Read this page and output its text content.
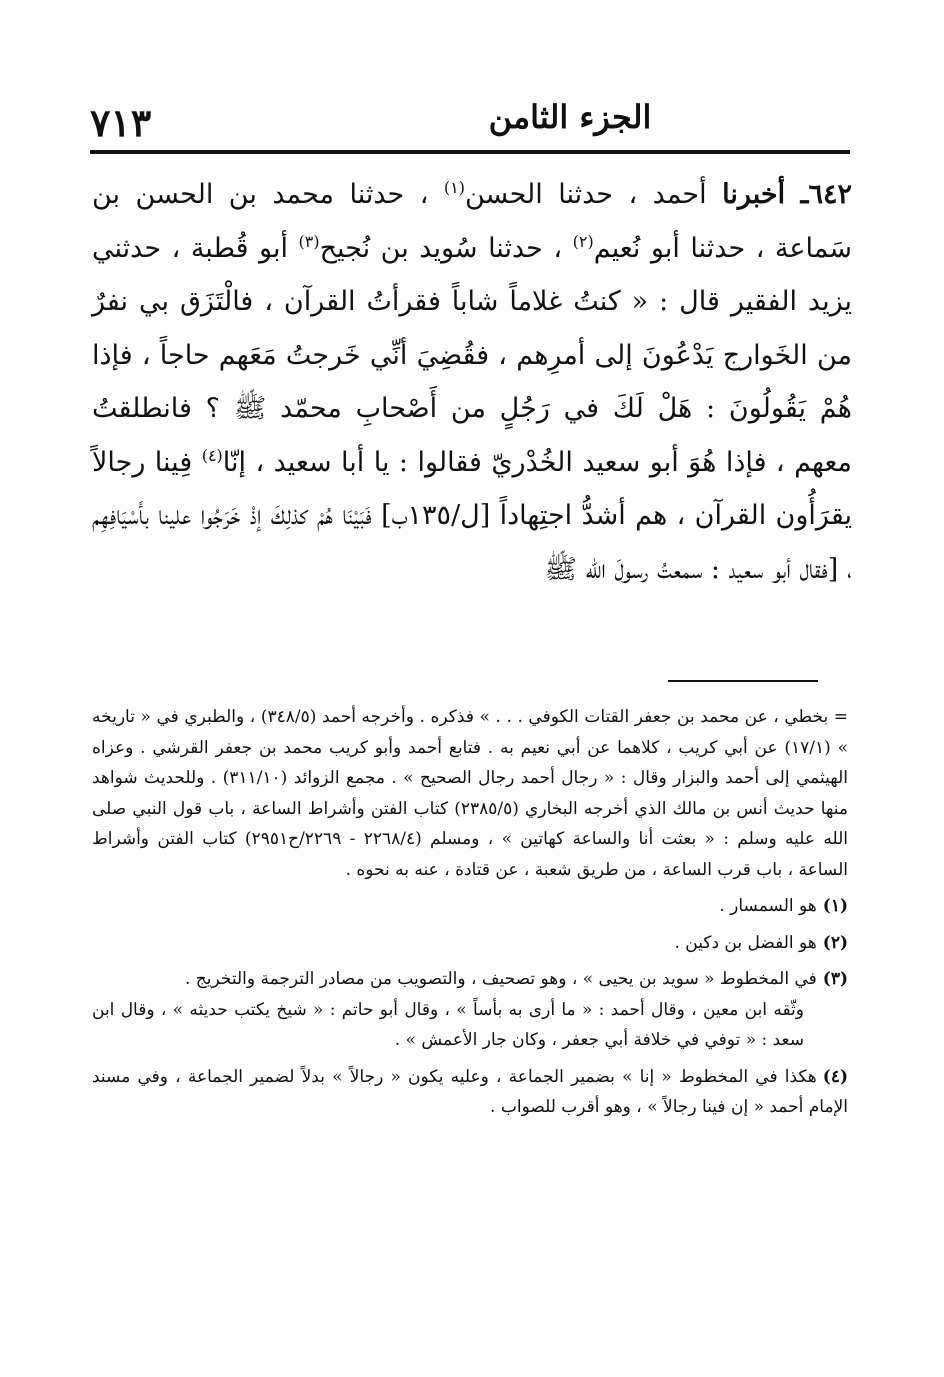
٧١٣	الجزء الثامن

٦٤٢ـ أخبرنا أحمد ، حدثنا الحسن$^{(١)}$ ، حدثنا محمد بن الحسن بن سَماعة ، حدثنا أبو نُعيم$^{(٢)}$ ، حدثنا سُويد بن نُجيح$^{(٣)}$ أبو قُطبة ، حدثني يزيد الفقير قال : « كنتُ غلاماً شاباً فقرأتُ القرآن ، فالْتَزَق بي نفرٌ من الخَوارج يَدْعُونَ إلى أمرِهم ، فقُضِيَ أنِّي خَرجتُ مَعَهم حاجاً ، فإذا هُمْ يَقُولُونَ : هَلْ لَكَ في رَجُلٍ من أَصْحابِ محمّد ﷺ ؟ فانطلقتُ معهم ، فإذا هُوَ أبو سعيد الخُدْريّ فقالوا : يا أبا سعيد ، إنّا$^{(٤)}$ فِينا رجالاً يقرَأُون القرآن ، هم أشدُّ اجتِهاداً [ل/١٣٥ب] فَبَيْنَا هُمْ كذلِكَ إذْ خَرَجُوا علينا بأَسْيَافِهِم ، [فقال أبو سعيد : سمعتُ رسولَ الله ﷺ

= بخطي ، عن محمد بن جعفر القتات الكوفي . . . » فذكره . وأخرجه أحمد (٣٤٨/٥) ، والطبري في « تاريخه » (١٧/١) عن أبي كريب ، كلاهما عن أبي نعيم به . فتابع أحمد وأبو كريب محمد بن جعفر القرشي . وعزاه الهيثمي إلى أحمد والبزار وقال : « رجال أحمد رجال الصحيح » . مجمع الزوائد (٣١١/١٠) . وللحديث شواهد منها حديث أنس بن مالك الذي أخرجه البخاري (٢٣٨٥/٥) كتاب الفتن وأشراط الساعة ، باب قول النبي صلى الله عليه وسلم : « بعثت أنا والساعة كهاتين » ، ومسلم (٢٢٦٨/٤ - ٢٢٦٩/ح٢٩٥١) كتاب الفتن وأشراط الساعة ، باب قرب الساعة ، من طريق شعبة ، عن قتادة ، عنه به نحوه .

(١)هو السمسار .

(٢)هو الفضل بن دكين .

(٣)في المخطوط « سويد بن يحيى » ، وهو تصحيف ، والتصويب من مصادر الترجمة والتخريج .

وثّقه ابن معين ، وقال أحمد : « ما أرى به بأساً » ، وقال أبو حاتم : « شيخ يكتب حديثه » ، وقال ابن سعد : « توفي في خلافة أبي جعفر ، وكان جار الأعمش » .

(٤)هكذا في المخطوط « إنا » بضمير الجماعة ، وعليه يكون « رجالاً » بدلاً لضمير الجماعة ، وفي مسند الإمام أحمد « إن فينا رجالاً » ، وهو أقرب للصواب .
